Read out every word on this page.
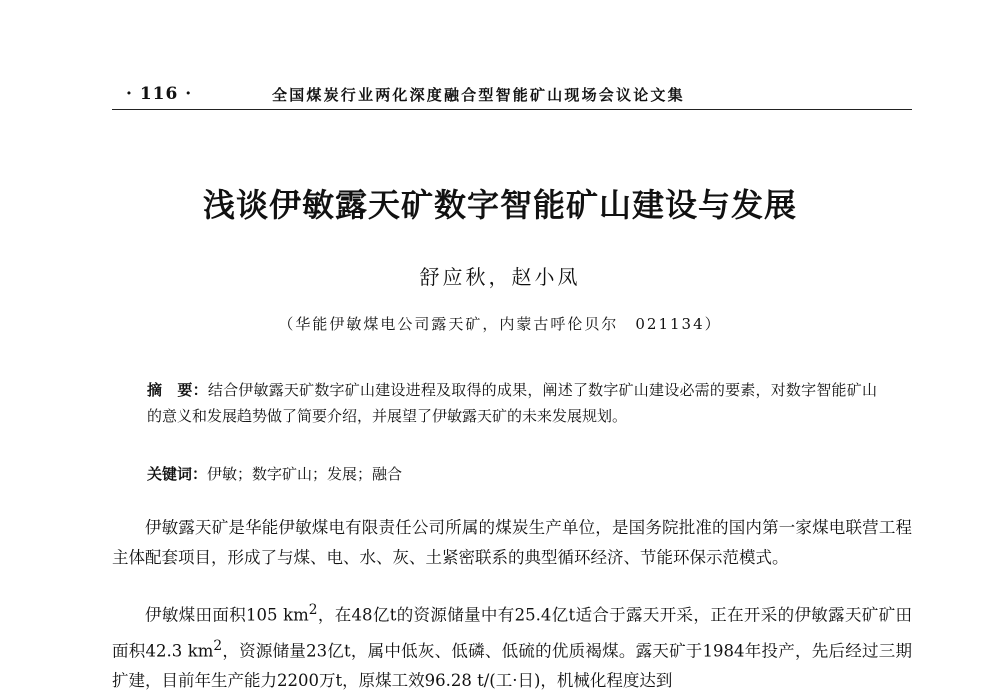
· 116 ·	全国煤炭行业两化深度融合型智能矿山现场会议论文集
浅谈伊敏露天矿数字智能矿山建设与发展
舒应秋，赵小凤
（华能伊敏煤电公司露天矿，内蒙古呼伦贝尔　021134）

摘　要：结合伊敏露天矿数字矿山建设进程及取得的成果，阐述了数字矿山建设必需的要素，对数字智能矿山的意义和发展趋势做了简要介绍，并展望了伊敏露天矿的未来发展规划。

关键词：伊敏；数字矿山；发展；融合

伊敏露天矿是华能伊敏煤电有限责任公司所属的煤炭生产单位，是国务院批准的国内第一家煤电联营工程主体配套项目，形成了与煤、电、水、灰、土紧密联系的典型循环经济、节能环保示范模式。

伊敏煤田面积105 $km^2$，在48亿t的资源储量中有25.4亿t适合于露天开采，正在开采的伊敏露天矿矿田面积42.3 $km^2$，资源储量23亿t，属中低灰、低磷、低硫的优质褐煤。露天矿于1984年投产，先后经过三期扩建，目前年生产能力2200万t，原煤工效96.28 t/(工·日)，机械化程度达到
